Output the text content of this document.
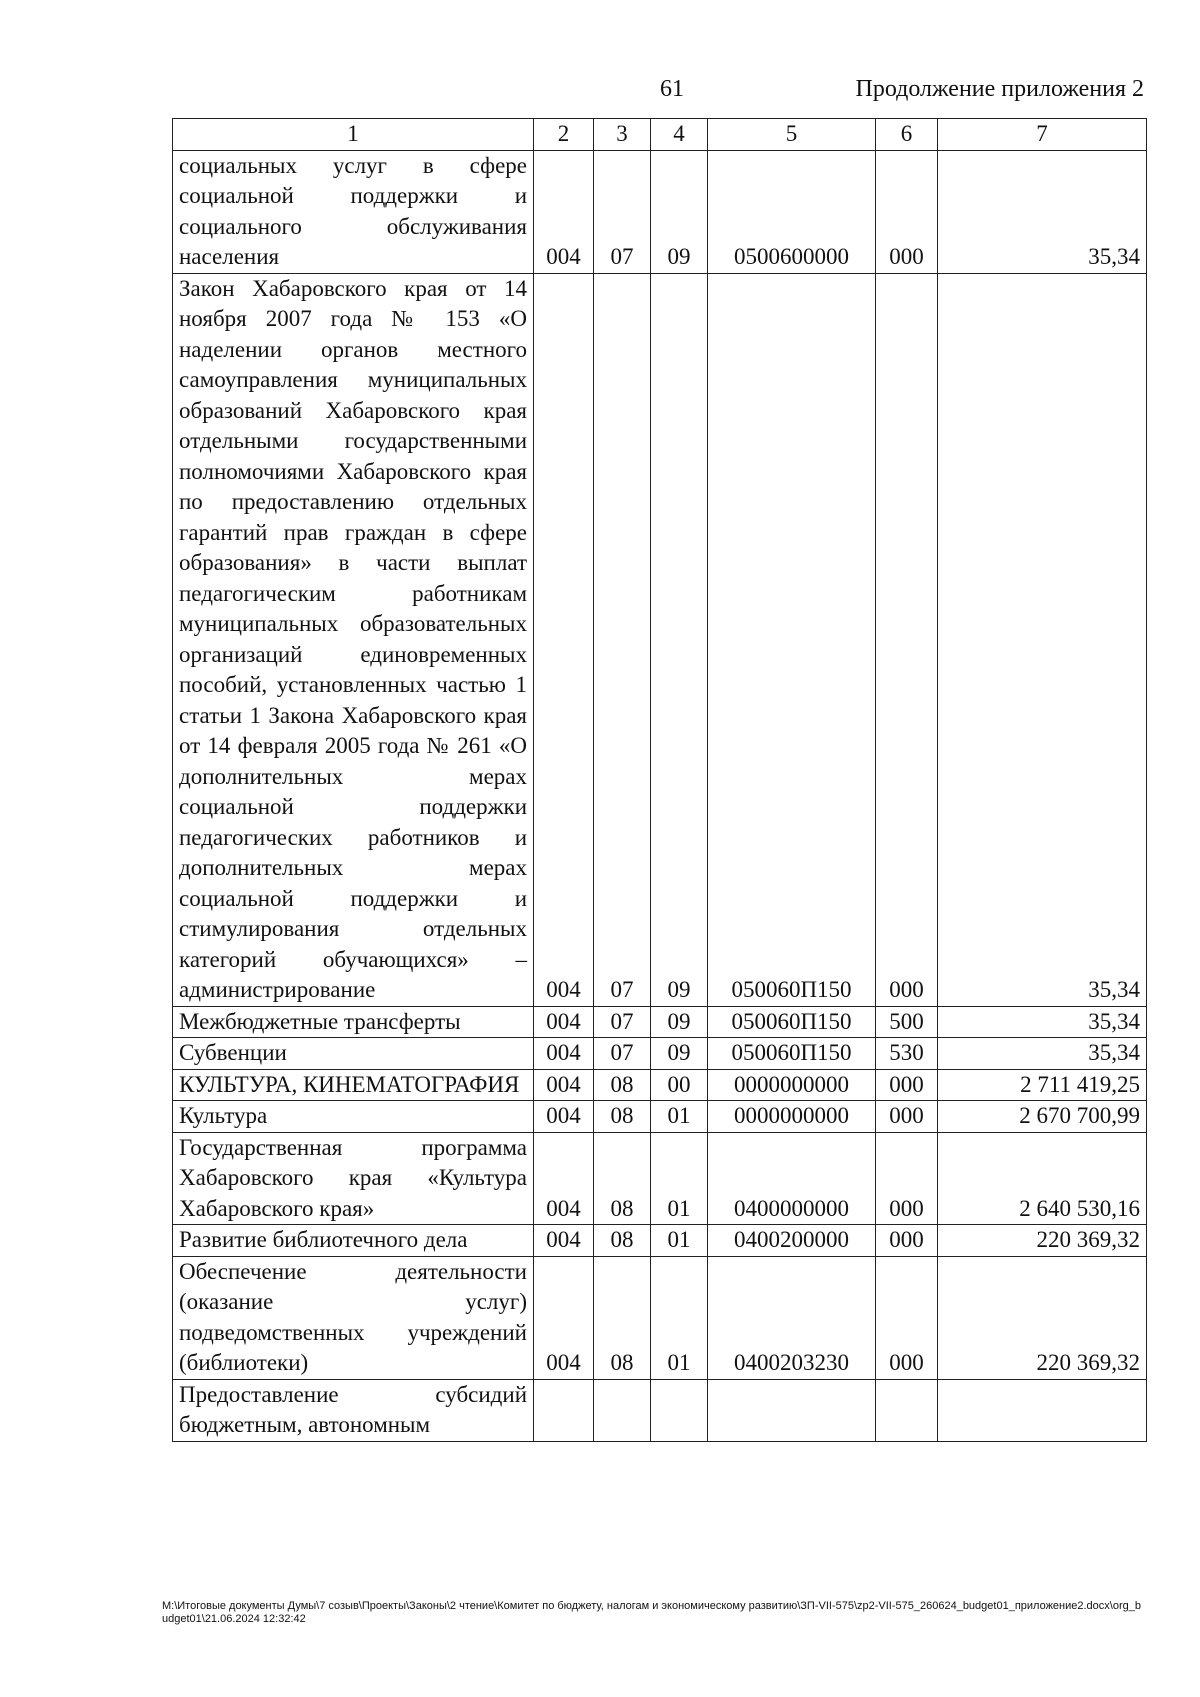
61	Продолжение приложения 2
1	2	3	4	5	6	7
социальных услуг в сфере социальной поддержки и социального обслуживания населения	004	07	09	0500600000	000	35,34
Закон Хабаровского края от 14 ноября 2007 года № 153 «О наделении органов местного самоуправления муниципальных образований Хабаровского края отдельными государственными полномочиями Хабаровского края по предоставлению отдельных гарантий прав граждан в сфере образования» в части выплат педагогическим работникам муниципальных образовательных организаций единовременных пособий, установленных частью 1 статьи 1 Закона Хабаровского края от 14 февраля 2005 года № 261 «О дополнительных мерах социальной поддержки педагогических работников и дополнительных мерах социальной поддержки и стимулирования отдельных категорий обучающихся» – администрирование	004	07	09	050060П150	000	35,34
Межбюджетные трансферты	004	07	09	050060П150	500	35,34
Субвенции	004	07	09	050060П150	530	35,34
КУЛЬТУРА, КИНЕМАТОГРАФИЯ	004	08	00	0000000000	000	2 711 419,25
Культура	004	08	01	0000000000	000	2 670 700,99
Государственная программа Хабаровского края «Культура Хабаровского края»	004	08	01	0400000000	000	2 640 530,16
Развитие библиотечного дела	004	08	01	0400200000	000	220 369,32
Обеспечение деятельности (оказание услуг) подведомственных учреждений (библиотеки)	004	08	01	0400203230	000	220 369,32
Предоставление субсидий бюджетным, автономным						
M:\Итоговые документы Думы\7 созыв\Проекты\Законы\2 чтение\Комитет по бюджету, налогам и экономическому развитию\ЗП-VII-575\zp2-VII-575_260624_budget01_приложение2.docx\org_budget01\21.06.2024 12:32:42
